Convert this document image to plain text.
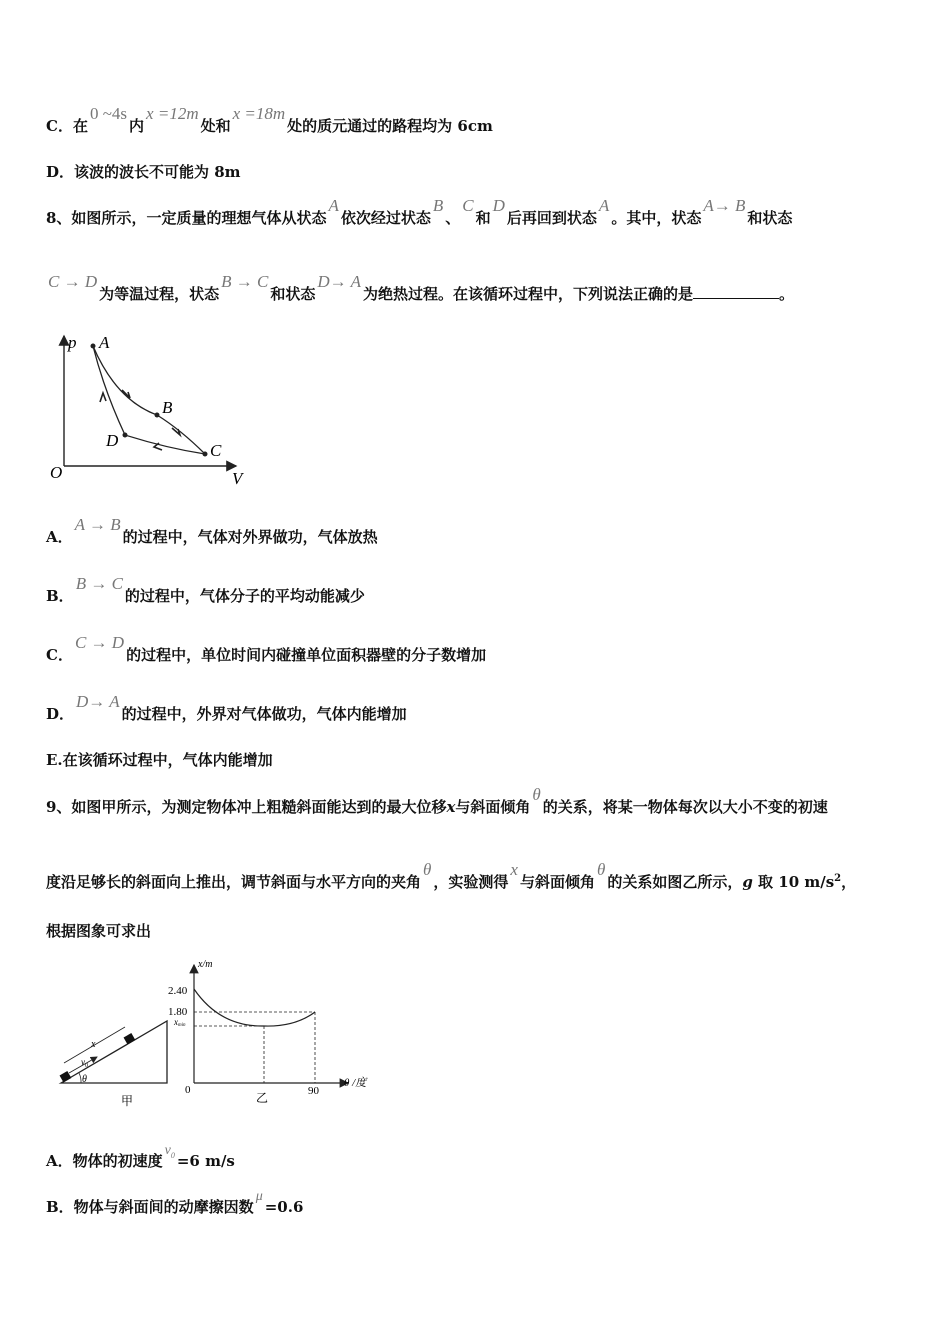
C．在0 ~4s内x =12m处和x =18m处的质元通过的路程均为 6cm
D．该波的波长不可能为 8m
8、如图所示，一定质量的理想气体从状态A依次经过状态B、C和D后再回到状态A。其中，状态A→ B和状态
C → D为等温过程，状态B → C和状态D→ A为绝热过程。在该循环过程中，下列说法正确的是	。
p
V
O
A
B
C
D
A．A → B的过程中，气体对外界做功，气体放热
B．B → C的过程中，气体分子的平均动能减少
C．C → D的过程中，单位时间内碰撞单位面积器壁的分子数增加
D．D→ A的过程中，外界对气体做功，气体内能增加
E.在该循环过程中，气体内能增加
9、如图甲所示，为测定物体冲上粗糙斜面能达到的最大位移x与斜面倾角θ的关系，将某一物体每次以大小不变的初速
度沿足够长的斜面向上推出，调节斜面与水平方向的夹角θ，实验测得x与斜面倾角θ的关系如图乙所示，g 取 10 $m/s^2$，
根据图象可求出
x
$v_0$
θ
甲
x/m
2.40
1.80
xmin
0	90
θ /度
乙
A．物体的初速度$v_0 =6$ m/s
B．物体与斜面间的动摩擦因数μ=0.6
